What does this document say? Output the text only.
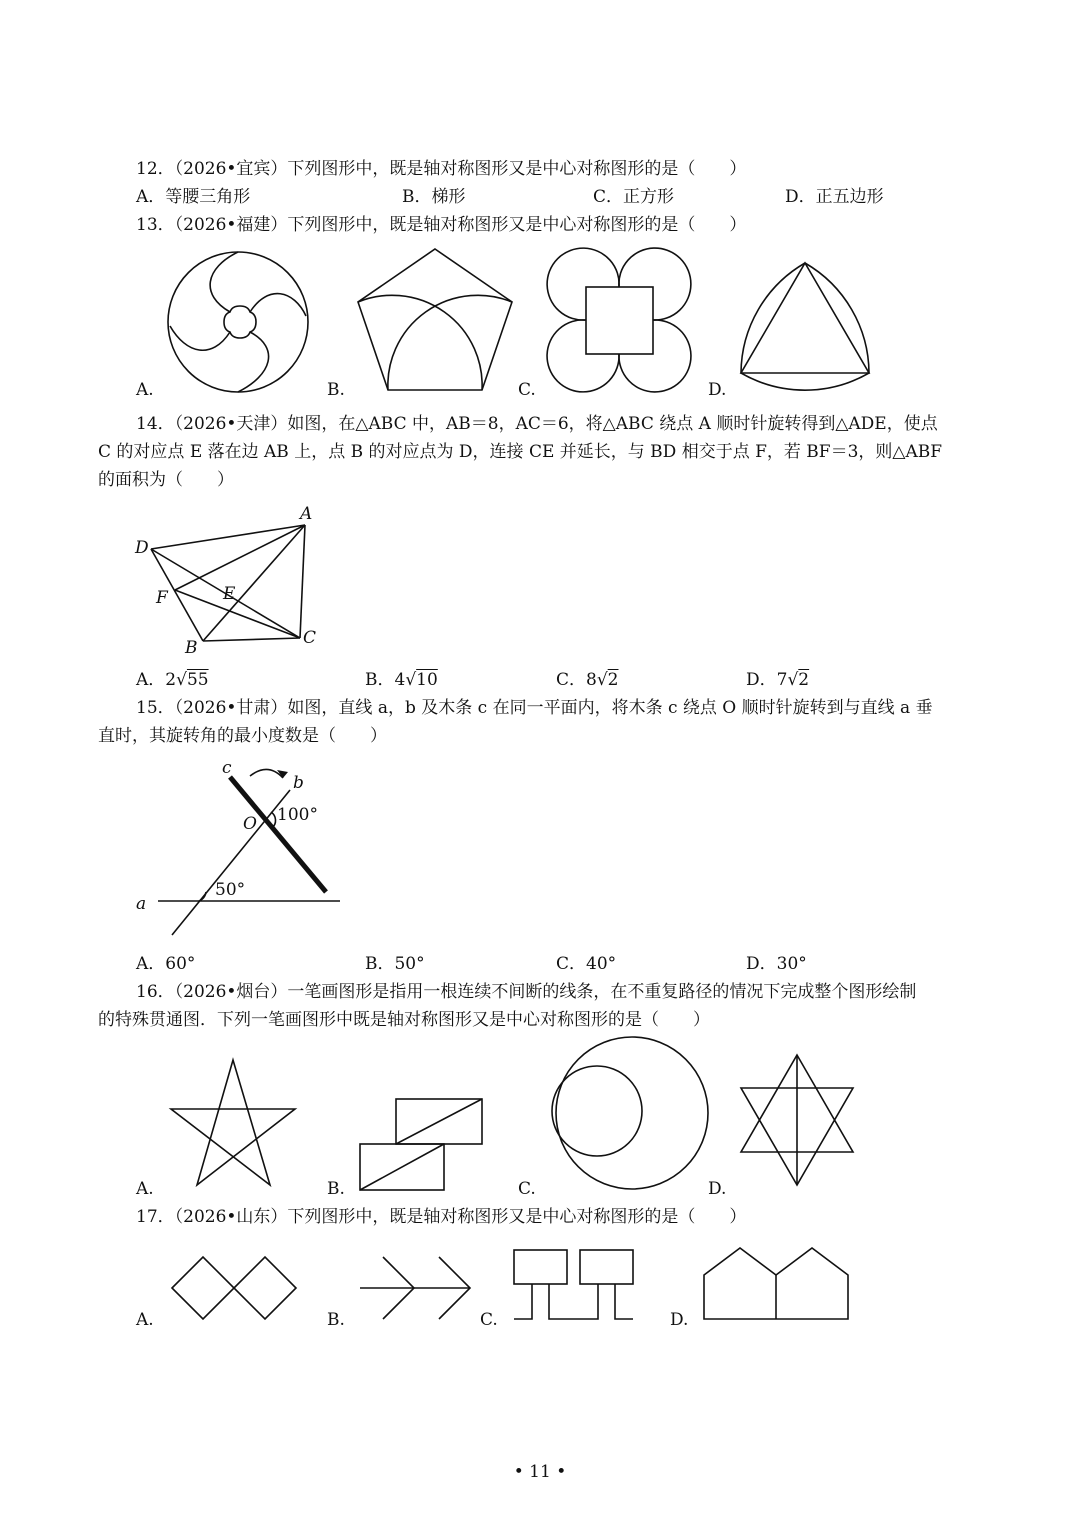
12．（2026•宜宾）下列图形中，既是轴对称图形又是中心对称图形的是（　　）
A．等腰三角形	B．梯形	C．正方形	D．正五边形
13．（2026•福建）下列图形中，既是轴对称图形又是中心对称图形的是（　　）
A.	B.	C.	D.
14．（2026•天津）如图，在△ABC 中，AB＝8，AC＝6，将△ABC 绕点 A 顺时针旋转得到△ADE，使点
C 的对应点 E 落在边 AB 上，点 B 的对应点为 D，连接 CE 并延长，与 BD 相交于点 F，若 BF＝3，则△ABF
的面积为（　　）
A
D
F	E
B	C
A．2√55	B．4√10	C．8√2	D．7√2
15．（2026•甘肃）如图，直线 a，b 及木条 c 在同一平面内，将木条 c 绕点 O 顺时针旋转到与直线 a 垂
直时，其旋转角的最小度数是（　　）
c
b
O
a
100°
50°
A．60°	B．50°	C．40°	D．30°
16．（2026•烟台）一笔画图形是指用一根连续不间断的线条，在不重复路径的情况下完成整个图形绘制
的特殊贯通图．下列一笔画图形中既是轴对称图形又是中心对称图形的是（　　）
A.	B.	C.	D.
17．（2026•山东）下列图形中，既是轴对称图形又是中心对称图形的是（　　）
A.	B.	C.	D.
• 11 •
